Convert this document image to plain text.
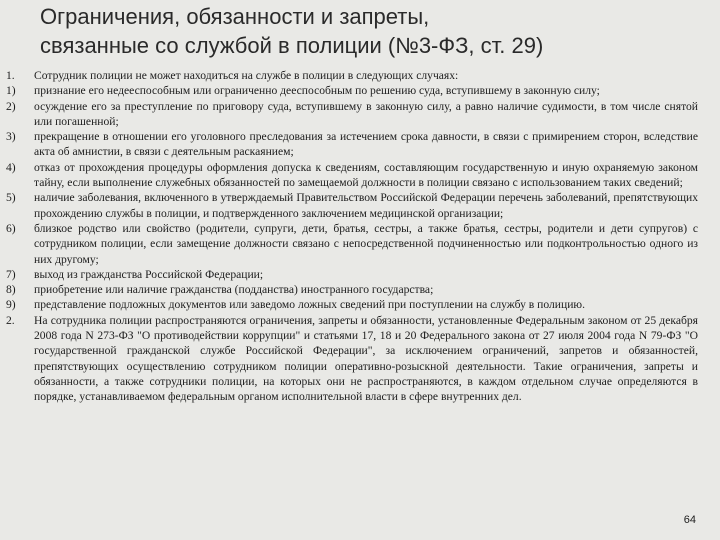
Ограничения, обязанности и запреты,
связанные со службой в полиции (№3-ФЗ, ст. 29)
1.	Сотрудник полиции не может находиться на службе в полиции в следующих случаях:
1)	признание его недееспособным или ограниченно дееспособным по решению суда, вступившему в законную силу;
2)	осуждение его за преступление по приговору суда, вступившему в законную силу, а равно наличие судимости, в том числе снятой или погашенной;
3)	прекращение в отношении его уголовного преследования за истечением срока давности, в связи с примирением сторон, вследствие акта об амнистии, в связи с деятельным раскаянием;
4)	отказ от прохождения процедуры оформления допуска к сведениям, составляющим государственную и иную охраняемую законом тайну, если выполнение служебных обязанностей по замещаемой должности в полиции связано с использованием таких сведений;
5)	наличие заболевания, включенного в утверждаемый Правительством Российской Федерации перечень заболеваний, препятствующих прохождению службы в полиции, и подтвержденного заключением медицинской организации;
6)	близкое родство или свойство (родители, супруги, дети, братья, сестры, а также братья, сестры, родители и дети супругов) с сотрудником полиции, если замещение должности связано с непосредственной подчиненностью или подконтрольностью одного из них другому;
7)	выход из гражданства Российской Федерации;
8)	приобретение или наличие гражданства (подданства) иностранного государства;
9)	представление подложных документов или заведомо ложных сведений при поступлении на службу в полицию.
2.	На сотрудника полиции распространяются ограничения, запреты и обязанности, установленные Федеральным законом от 25 декабря 2008 года N 273-ФЗ "О противодействии коррупции" и статьями 17, 18 и 20 Федерального закона от 27 июля 2004 года N 79-ФЗ "О государственной гражданской службе Российской Федерации", за исключением ограничений, запретов и обязанностей, препятствующих осуществлению сотрудником полиции оперативно-розыскной деятельности. Такие ограничения, запреты и обязанности, а также сотрудники полиции, на которых они не распространяются, в каждом отдельном случае определяются в порядке, устанавливаемом федеральным органом исполнительной власти в сфере внутренних дел.
64
